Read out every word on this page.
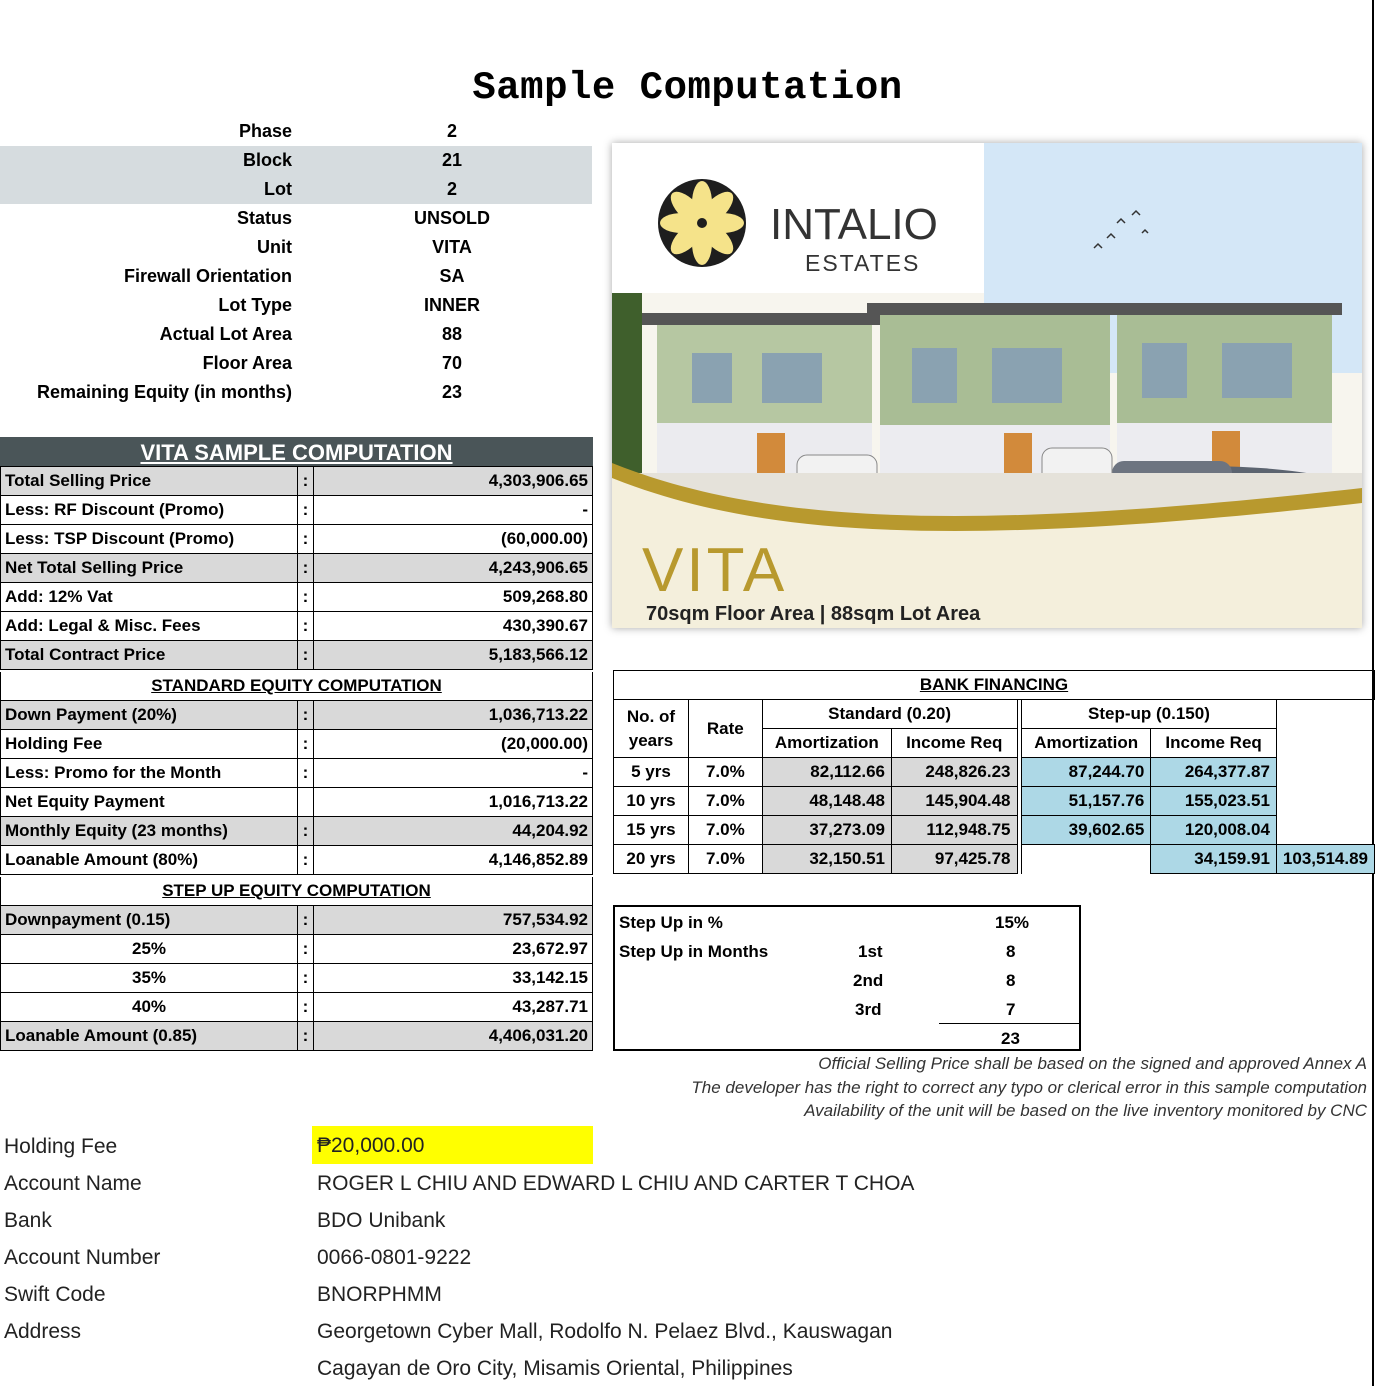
Sample Computation
Phase	2
Block	21
Lot	2
Status	UNSOLD
Unit	VITA
Firewall Orientation	SA
Lot Type	INNER
Actual Lot Area	88
Floor Area	70
Remaining Equity (in months)	23
VITA SAMPLE COMPUTATION
Total Selling Price	:	4,303,906.65
Less: RF Discount (Promo)	:	-
Less: TSP Discount (Promo)	:	(60,000.00)
Net Total Selling Price	:	4,243,906.65
Add: 12% Vat	:	509,268.80
Add: Legal & Misc. Fees	:	430,390.67
Total Contract Price	:	5,183,566.12
STANDARD EQUITY COMPUTATION
Down Payment (20%)	:	1,036,713.22
Holding Fee	:	(20,000.00)
Less: Promo for the Month	:	-
Net Equity Payment		1,016,713.22
Monthly Equity (23 months)	:	44,204.92
Loanable Amount (80%)	:	4,146,852.89
STEP UP EQUITY COMPUTATION
Downpayment (0.15)	:	757,534.92
25%	:	23,672.97
35%	:	33,142.15
40%	:	43,287.71
Loanable Amount (0.85)	:	4,406,031.20
INTALIO
ESTATES
VITA
70sqm Floor Area | 88sqm Lot Area
BANK FINANCING							
No. of years	Rate	Standard (0.20)			Step-up (0.150)		
		Amortization	Income Req		Amortization	Income Req	
5 yrs	7.0%	82,112.66	248,826.23		87,244.70	264,377.87	
10 yrs	7.0%	48,148.48	145,904.48		51,157.76	155,023.51	
15 yrs	7.0%	37,273.09	112,948.75		39,602.65	120,008.04	
20 yrs	7.0%	32,150.51	97,425.78			34,159.91	103,514.89
Step Up in %	15%
Step Up in Months	1st	8
2nd	8
3rd	7
23
Official Selling Price shall be based on the signed and approved Annex A
The developer has the right to correct any typo or clerical error in this sample computation
Availability of the unit will be based on the live inventory monitored by CNC
Holding Fee	₱20,000.00
Account Name	ROGER L CHIU AND EDWARD L CHIU AND CARTER T CHOA
Bank	BDO Unibank
Account Number	0066-0801-9222
Swift Code	BNORPHMM
Address	Georgetown Cyber Mall, Rodolfo N. Pelaez Blvd., Kauswagan
Cagayan de Oro City, Misamis Oriental, Philippines
